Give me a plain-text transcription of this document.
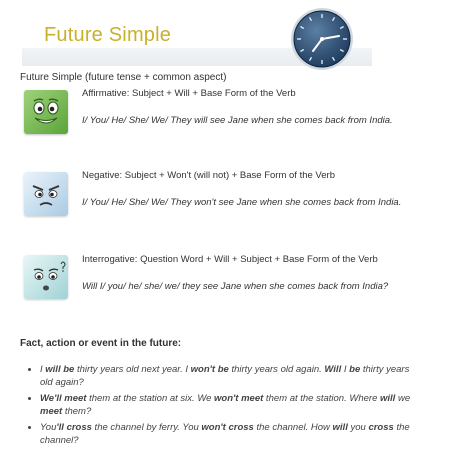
Future Simple
Future Simple (future tense + common aspect)
Affirmative: Subject + Will + Base Form of the Verb
I/ You/ He/ She/ We/ They will see Jane when she comes back from India.
Negative: Subject + Won't (will not) + Base Form of the Verb
I/ You/ He/ She/ We/ They won't see Jane when she comes back from India.
Interrogative: Question Word + Will + Subject + Base Form of the Verb
Will I/ you/ he/ she/ we/ they see Jane when she comes back from India?
Fact, action or event in the future:
• I will be thirty years old next year. I won't be thirty years old again. Will I be thirty years old again?
• We'll meet them at the station at six. We won't meet them at the station. Where will we meet them?
• You'll cross the channel by ferry. You won't cross the channel. How will you cross the channel?
